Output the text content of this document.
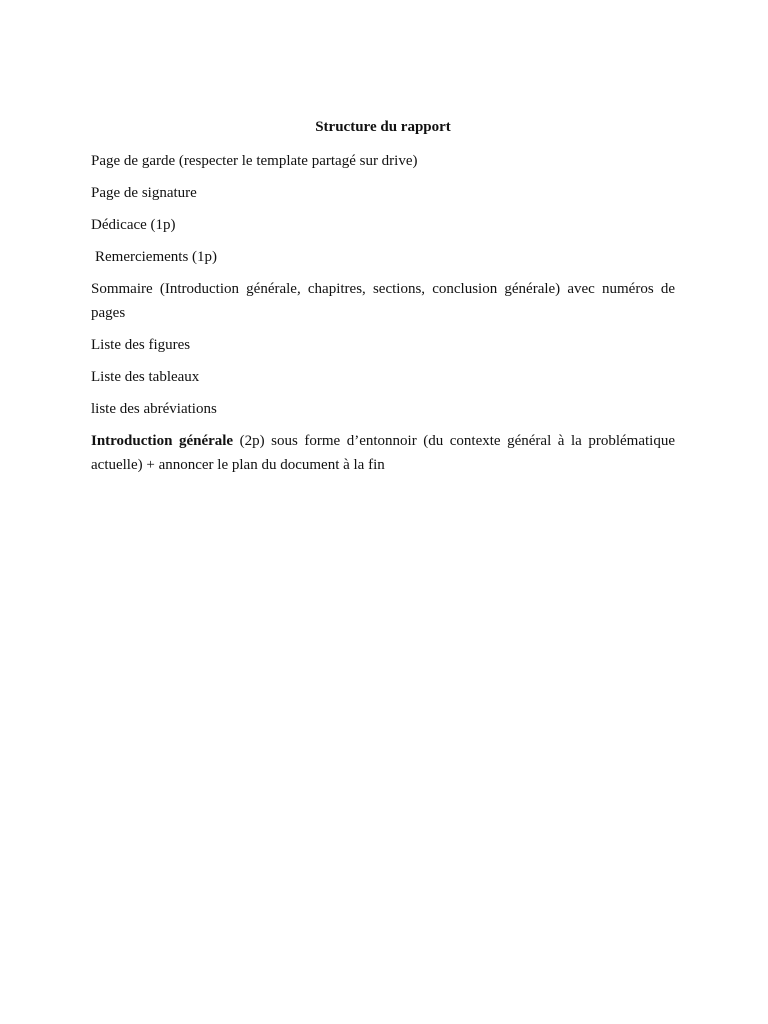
Structure du rapport
Page de garde (respecter le template partagé sur drive)
Page de signature
Dédicace (1p)
Remerciements (1p)
Sommaire (Introduction générale, chapitres, sections, conclusion générale) avec numéros de pages
Liste des figures
Liste des tableaux
liste des abréviations
Introduction générale (2p) sous forme d’entonnoir (du contexte général à la problématique actuelle) + annoncer le plan du document à la fin
